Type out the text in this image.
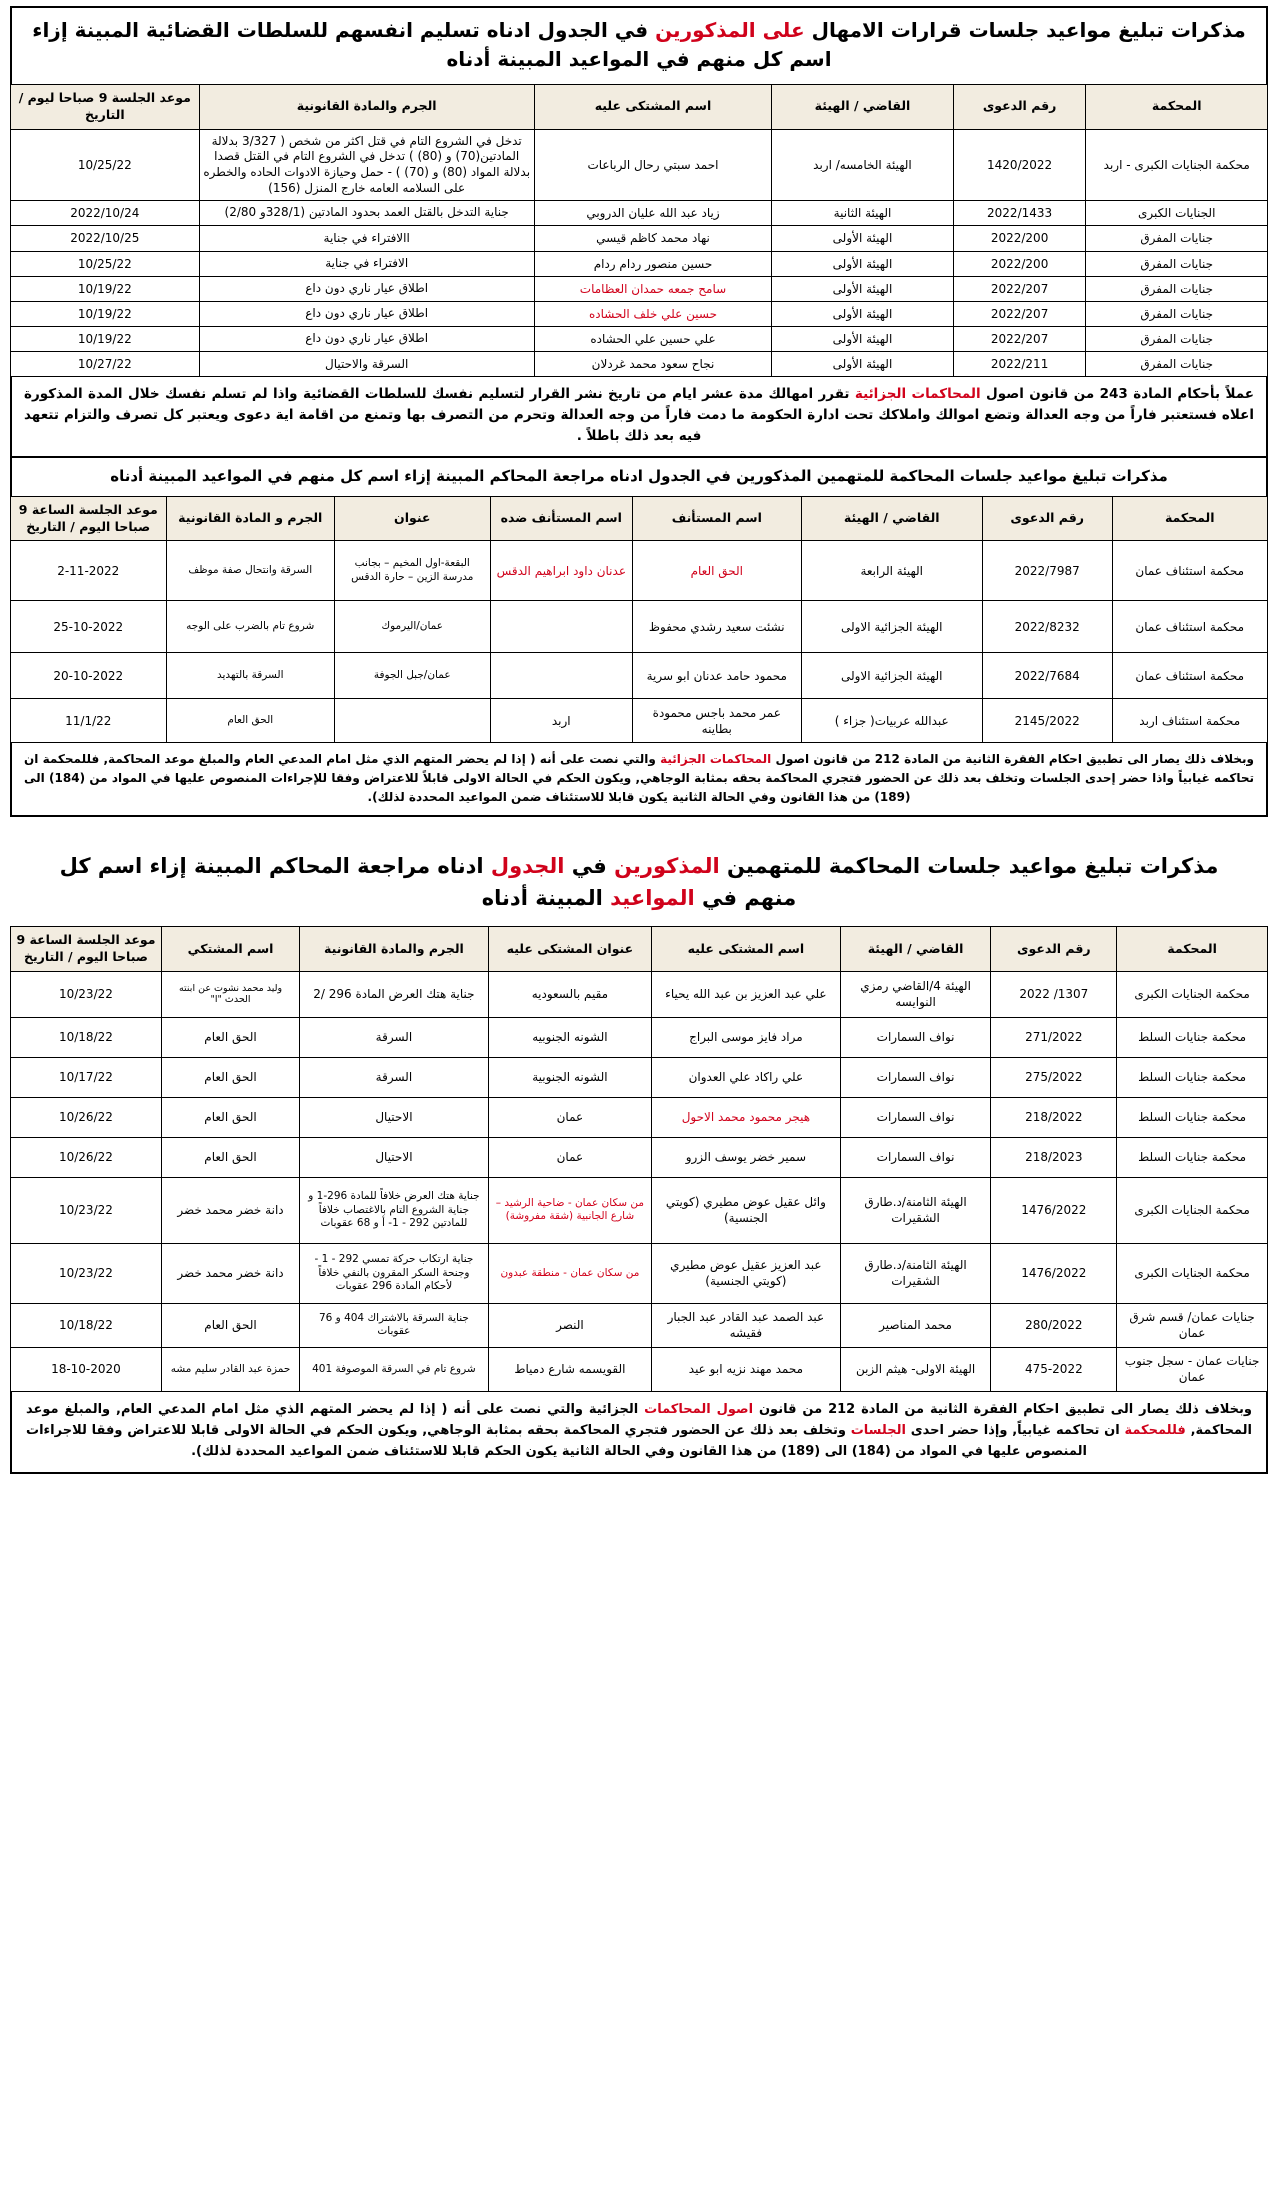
مذكرات تبليغ مواعيد جلسات قرارات الامهال على المذكورين في الجدول ادناه تسليم انفسهم للسلطات القضائية المبينة إزاء اسم كل منهم في المواعيد المبينة أدناه
المحكمة	رقم الدعوى	القاضي / الهيئة	اسم المشتكى عليه	الجرم والمادة القانونية	موعد الجلسة 9 صباحا ليوم / التاريخ
محكمة الجنايات الكبرى - اربد	1420/2022	الهيئة الخامسه/ اربد	احمد سبتي رحال الرباعات	تدخل في الشروع التام في قتل اكثر من شخص ( 3/327 بدلالة المادتين(70) و (80) ) تدخل في الشروع التام في القتل قصدا بدلالة المواد (80) و (70) ) - حمل وحيازة الادوات الحاده والخطره على السلامه العامه خارج المنزل (156)	10/25/22
الجنايات الكبرى	2022/1433	الهيئة الثانية	زياد عبد الله عليان الدروبي	جناية التدخل بالقتل العمد بحدود المادتين (328/1و 2/80)	2022/10/24
جنايات المفرق	2022/200	الهيئة الأولى	نهاد محمد كاظم قيسي	االافتراء في جناية	2022/10/25
جنايات المفرق	2022/200	الهيئة الأولى	حسين منصور ردام ردام	الافتراء في جناية	10/25/22
جنايات المفرق	2022/207	الهيئة الأولى	سامح جمعه حمدان العظامات	اطلاق عيار ناري دون داع	10/19/22
جنايات المفرق	2022/207	الهيئة الأولى	حسين علي خلف الحشاده	اطلاق عيار ناري دون داع	10/19/22
جنايات المفرق	2022/207	الهيئة الأولى	علي حسين علي الحشاده	اطلاق عيار ناري دون داع	10/19/22
جنايات المفرق	2022/211	الهيئة الأولى	نجاح سعود محمد غردلان	السرقة والاحتيال	10/27/22
عملاً بأحكام المادة 243 من قانون اصول المحاكمات الجزائية تقرر امهالك مدة عشر ايام من تاريخ نشر القرار لتسليم نفسك للسلطات القضائية واذا لم تسلم نفسك خلال المدة المذكورة اعلاه فستعتبر فاراً من وجه العدالة وتضع اموالك واملاكك تحت ادارة الحكومة ما دمت فاراً من وجه العدالة وتحرم من التصرف بها وتمنع من اقامة اية دعوى ويعتبر كل تصرف والتزام تتعهد فيه بعد ذلك باطلاً .
مذكرات تبليغ مواعيد جلسات المحاكمة للمتهمين المذكورين في الجدول ادناه مراجعة المحاكم المبينة إزاء اسم كل منهم في المواعيد المبينة أدناه
المحكمة	رقم الدعوى	القاضي / الهيئة	اسم المستأنف	اسم المستأنف ضده	عنوان	الجرم و المادة القانونية	موعد الجلسة الساعة 9 صباحا اليوم / التاريخ
محكمة استئناف عمان	2022/7987	الهيئة الرابعة	الحق العام	عدنان داود ابراهيم الدقس	البقعة-اول المخيم – بجانب مدرسة الزين – حارة الدقس	السرقة وانتحال صفة موظف	2-11-2022
محكمة استئناف عمان	2022/8232	الهيئة الجزائية الاولى	نشئت سعيد رشدي محفوظ		عمان/اليرموك	شروع تام بالضرب على الوجه	25-10-2022
محكمة استئناف عمان	2022/7684	الهيئة الجزائية الاولى	محمود حامد عدنان ابو سرية		عمان/جبل الجوفة	السرقة بالتهديد	20-10-2022
محكمة استئناف اربد	2145/2022	عبدالله عربيات( جزاء )	عمر محمد باجس محمودة بطاينه	اربد		الحق العام	11/1/22
وبخلاف ذلك يصار الى تطبيق احكام الفقرة الثانية من المادة 212 من قانون اصول المحاكمات الجزائية والتي نصت على أنه ( إذا لم يحضر المتهم الذي مثل امام المدعي العام والمبلغ موعد المحاكمة, فللمحكمة ان تحاكمه غيابياً واذا حضر إحدى الجلسات وتخلف بعد ذلك عن الحضور فتجري المحاكمة بحقه بمثابة الوجاهي, ويكون الحكم في الحالة الاولى قابلاً للاعتراض وفقا للإجراءات المنصوص عليها في المواد من (184) الى (189) من هذا القانون وفي الحالة الثانية يكون قابلا للاستئناف ضمن المواعيد المحددة لذلك).
مذكرات تبليغ مواعيد جلسات المحاكمة للمتهمين المذكورين في الجدول ادناه مراجعة المحاكم المبينة إزاء اسم كل منهم في المواعيد المبينة أدناه
المحكمة	رقم الدعوى	القاضي / الهيئة	اسم المشتكى عليه	عنوان المشتكى عليه	الجرم والمادة القانونية	اسم المشتكي	موعد الجلسة الساعة 9 صباحا اليوم / التاريخ
محكمة الجنايات الكبرى	1307/ 2022	الهيئة 4/القاضي رمزي النوايسه	علي عبد العزيز بن عبد الله يحياء	مقيم بالسعوديه	جناية هتك العرض المادة 296 /2	وليد محمد نشوت عن ابنته الحدث "ا"	10/23/22
محكمة جنايات السلط	271/2022	نواف السمارات	مراد فايز موسى البراج	الشونه الجنوبيه	السرقة	الحق العام	10/18/22
محكمة جنايات السلط	275/2022	نواف السمارات	علي راكاد علي العدوان	الشونه الجنوبية	السرقة	الحق العام	10/17/22
محكمة جنايات السلط	218/2022	نواف السمارات	هيجر محمود محمد الاحول	عمان	الاحتيال	الحق العام	10/26/22
محكمة جنايات السلط	218/2023	نواف السمارات	سمير خضر يوسف الزرو	عمان	الاحتيال	الحق العام	10/26/22
محكمة الجنايات الكبرى	1476/2022	الهيئة الثامنة/د.طارق الشقيرات	وائل عقيل عوض مطيري (كويتي الجنسية)	من سكان عمان - ضاحية الرشيد – شارع الجانبية (شقة مفروشة)	جناية هتك العرض خلافاً للمادة 296-1 و جناية الشروع التام بالاغتصاب خلافاً للمادتين 292 - 1- أ و 68 عقوبات	دانة خضر محمد خضر	10/23/22
محكمة الجنايات الكبرى	1476/2022	الهيئة الثامنة/د.طارق الشقيرات	عبد العزيز عقيل عوض مطيري (كويتي الجنسية)	من سكان عمان - منطقة عبدون	جناية ارتكاب حركة تمسي 292 - 1 - وجنحة السكر المقرون بالنفي خلافاً لأحكام المادة 296 عقوبات	دانة خضر محمد خضر	10/23/22
جنايات عمان/ قسم شرق عمان	280/2022	محمد المناصير	عبد الصمد عبد القادر عبد الجبار فقيشه	النصر	جناية السرقة بالاشتراك 404 و 76 عقوبات	الحق العام	10/18/22
جنايات عمان - سجل جنوب عمان	475-2022	الهيئة الاولى- هيثم الزبن	محمد مهند نزيه ابو عيد	القويسمه شارع دمياط	شروع تام في السرقة الموصوفة 401	حمزة عبد القادر سليم مشه	18-10-2020
وبخلاف ذلك يصار الى تطبيق احكام الفقرة الثانية من المادة 212 من قانون اصول المحاكمات الجزائية والتي نصت على أنه ( إذا لم يحضر المتهم الذي مثل امام المدعي العام, والمبلغ موعد المحاكمة, فللمحكمة ان تحاكمه غيابياً, وإذا حضر احدى الجلسات وتخلف بعد ذلك عن الحضور فتجري المحاكمة بحقه بمثابة الوجاهي, ويكون الحكم في الحالة الاولى قابلا للاعتراض وفقا للاجراءات المنصوص عليها في المواد من (184) الى (189) من هذا القانون وفي الحالة الثانية يكون الحكم قابلا للاستئناف ضمن المواعيد المحددة لذلك).
